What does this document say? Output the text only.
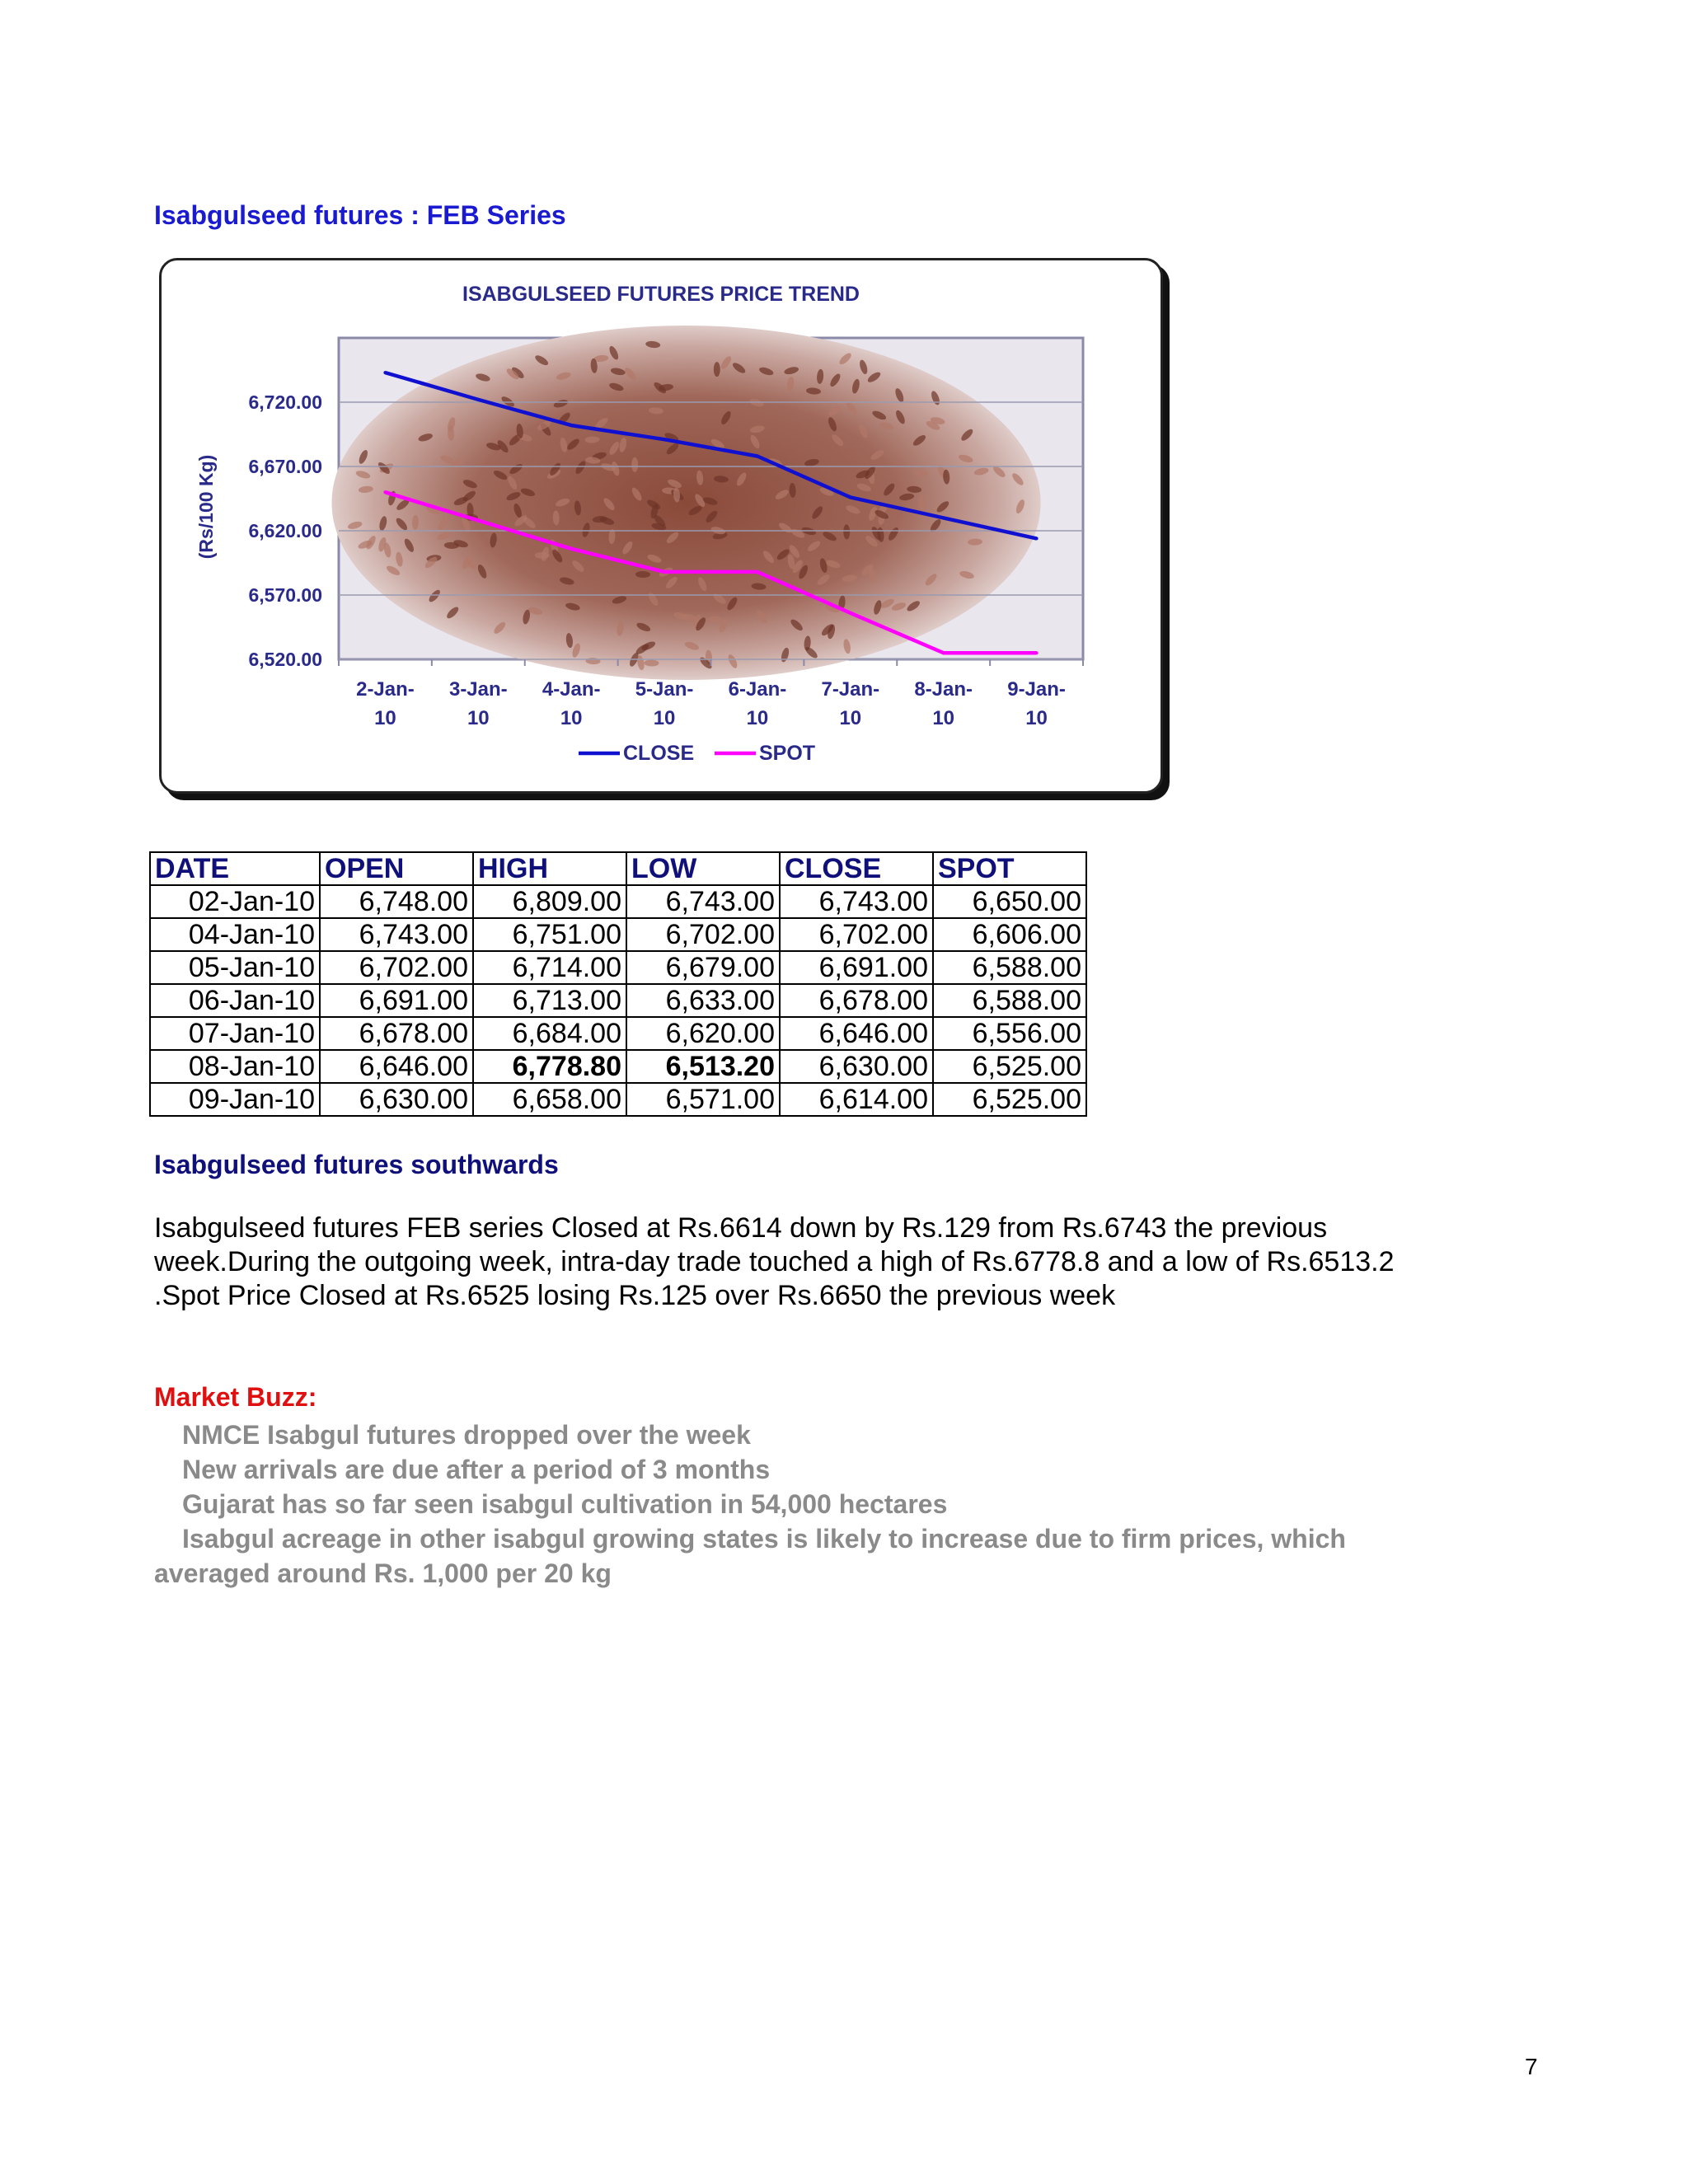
Isabgulseed futures : FEB Series
ISABGULSEED FUTURES PRICE TREND
6,520.00
6,570.00
6,620.00
6,670.00
6,720.00
(Rs/100 Kg)
2-Jan-
10
3-Jan-
10
4-Jan-
10
5-Jan-
10
6-Jan-
10
7-Jan-
10
8-Jan-
10
9-Jan-
10
CLOSE	SPOT
DATE	OPEN	HIGH	LOW	CLOSE	SPOT
02-Jan-10	6,748.00	6,809.00	6,743.00	6,743.00	6,650.00
04-Jan-10	6,743.00	6,751.00	6,702.00	6,702.00	6,606.00
05-Jan-10	6,702.00	6,714.00	6,679.00	6,691.00	6,588.00
06-Jan-10	6,691.00	6,713.00	6,633.00	6,678.00	6,588.00
07-Jan-10	6,678.00	6,684.00	6,620.00	6,646.00	6,556.00
08-Jan-10	6,646.00	6,778.80	6,513.20	6,630.00	6,525.00
09-Jan-10	6,630.00	6,658.00	6,571.00	6,614.00	6,525.00
Isabgulseed futures southwards
Isabgulseed futures FEB series Closed at Rs.6614 down by Rs.129 from Rs.6743 the previous
week.During the outgoing week, intra-day trade touched a high of Rs.6778.8 and a low of Rs.6513.2
.Spot Price Closed at Rs.6525 losing Rs.125 over Rs.6650 the previous week
Market Buzz:
NMCE Isabgul futures dropped over the week
New arrivals are due after a period of 3 months
Gujarat has so far seen isabgul cultivation in 54,000 hectares
Isabgul acreage in other isabgul growing states is likely to increase due to firm prices, which
averaged around Rs. 1,000 per 20 kg
7
